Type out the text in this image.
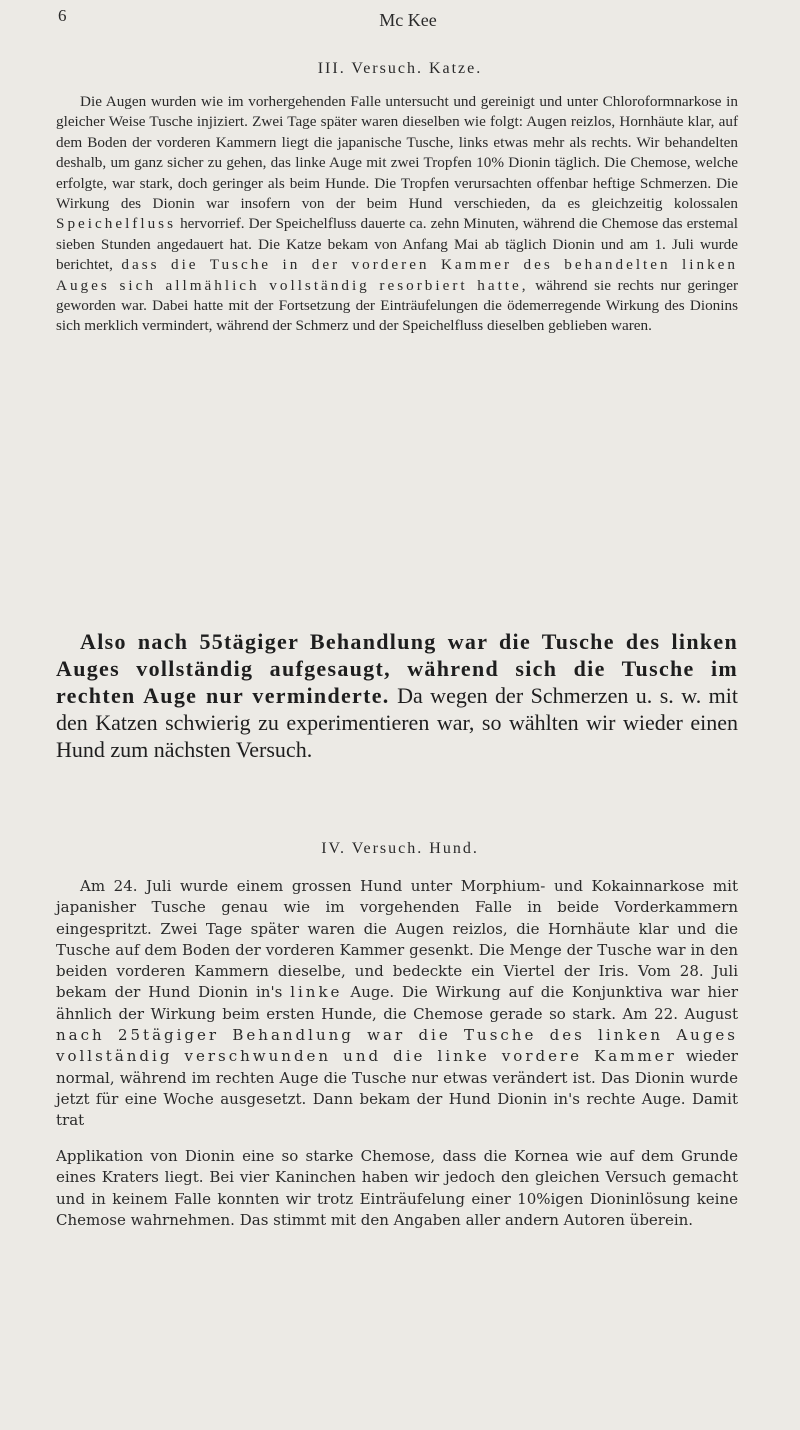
6	Mc Kee
III. Versuch. Katze.
Die Augen wurden wie im vorhergehenden Falle untersucht und gereinigt und unter Chloroformnarkose in gleicher Weise Tusche injiziert. Zwei Tage später waren dieselben wie folgt: Augen reizlos, Hornhäute klar, auf dem Boden der vorderen Kammern liegt die japanische Tusche, links etwas mehr als rechts. Wir behandelten deshalb, um ganz sicher zu gehen, das linke Auge mit zwei Tropfen 10% Dionin täglich. Die Chemose, welche erfolgte, war stark, doch geringer als beim Hunde. Die Tropfen verursachten offenbar heftige Schmerzen. Die Wirkung des Dionin war insofern von der beim Hund verschieden, da es gleichzeitig kolossalen Speichelfluss hervorrief. Der Speichelfluss dauerte ca. zehn Minuten, während die Chemose das erstemal sieben Stunden angedauert hat. Die Katze bekam von Anfang Mai ab täglich Dionin und am 1. Juli wurde berichtet, dass die Tusche in der vorderen Kammer des behandelten linken Auges sich allmählich vollständig resorbiert hatte, während sie rechts nur geringer geworden war. Dabei hatte mit der Fortsetzung der Einträufelungen die ödemerregende Wirkung des Dionins sich merklich vermindert, während der Schmerz und der Speichelfluss dieselben geblieben waren.
Also nach 55tägiger Behandlung war die Tusche des linken Auges vollständig aufgesaugt, während sich die Tusche im rechten Auge nur verminderte. Da wegen der Schmerzen u. s. w. mit den Katzen schwierig zu experimentieren war, so wählten wir wieder einen Hund zum nächsten Versuch.
IV. Versuch. Hund.
Am 24. Juli wurde einem grossen Hund unter Morphium- und Kokainnarkose mit japanisher Tusche genau wie im vorgehenden Falle in beide Vorderkammern eingespritzt. Zwei Tage später waren die Augen reizlos, die Hornhäute klar und die Tusche auf dem Boden der vorderen Kammer gesenkt. Die Menge der Tusche war in den beiden vorderen Kammern dieselbe, und bedeckte ein Viertel der Iris. Vom 28. Juli bekam der Hund Dionin in's linke Auge. Die Wirkung auf die Konjunktiva war hier ähnlich der Wirkung beim ersten Hunde, die Chemose gerade so stark. Am 22. August nach 25tägiger Behandlung war die Tusche des linken Auges vollständig verschwunden und die linke vordere Kammer wieder normal, während im rechten Auge die Tusche nur etwas verändert ist. Das Dionin wurde jetzt für eine Woche ausgesetzt. Dann bekam der Hund Dionin in's rechte Auge. Damit trat
Applikation von Dionin eine so starke Chemose, dass die Kornea wie auf dem Grunde eines Kraters liegt. Bei vier Kaninchen haben wir jedoch den gleichen Versuch gemacht und in keinem Falle konnten wir trotz Einträufelung einer 10%igen Dioninlösung keine Chemose wahrnehmen. Das stimmt mit den Angaben aller andern Autoren überein.
